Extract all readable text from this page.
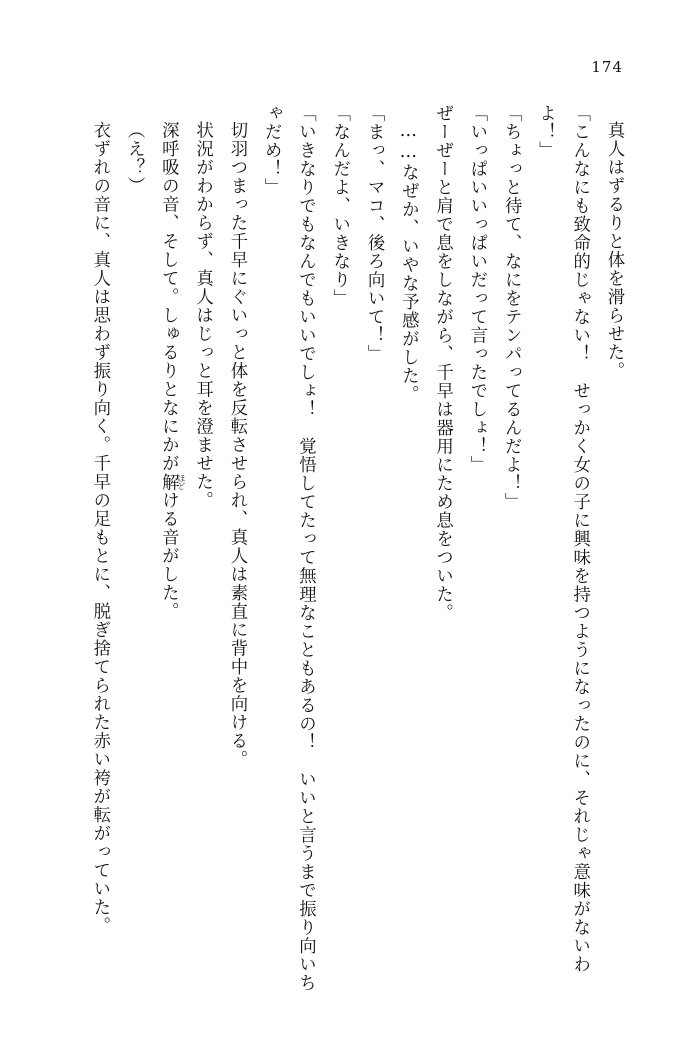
174

真人はずるりと体を滑らせた。

「こんなにも致命的じゃない！　せっかく女の子に興味を持つようになったのに、それじゃ意味がないわよ！」

「ちょっと待て、なにをテンパってるんだよ！」

「いっぱいいっぱいだって言ったでしょ！」

ぜーぜーと肩で息をしながら、千早は器用にため息をついた。

……なぜか、いやな予感がした。

「まっ、マコ、後ろ向いて！」

「なんだよ、いきなり」

「いきなりでもなんでもいいでしょ！　覚悟してたって無理なこともあるの！　いいと言うまで振り向いちゃだめ！」

切羽つまった千早にぐいっと体を反転させられ、真人は素直に背中を向ける。

状況がわからず、真人はじっと耳を澄ませた。

深呼吸の音、そして。しゅるりとなにかが解ほどける音がした。

（え？）

衣ずれの音に、真人は思わず振り向く。千早の足もとに、脱ぎ捨てられた赤い袴が転がっていた。
